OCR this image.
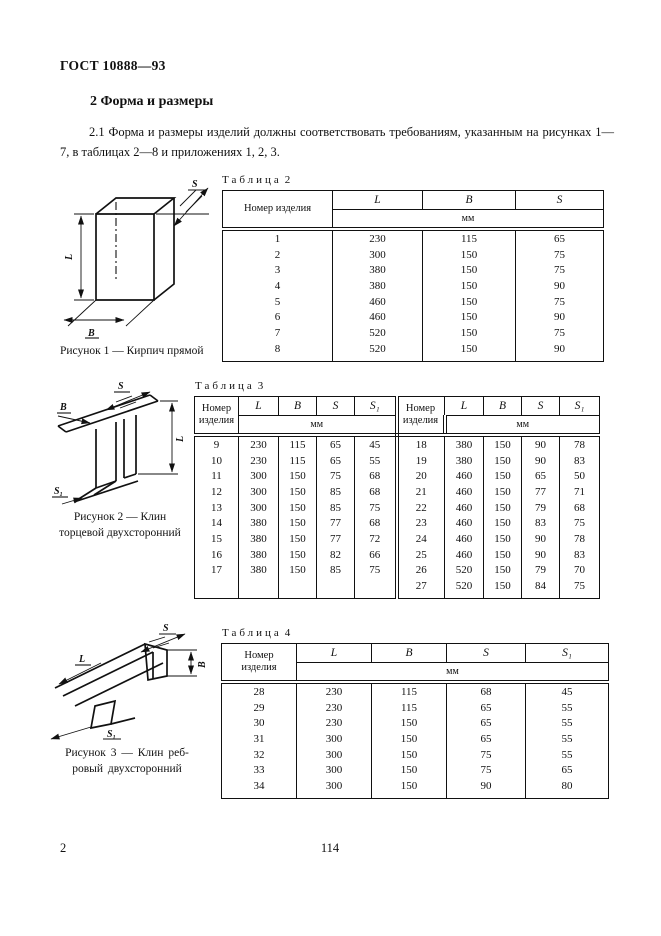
ГОСТ 10888—93
2 Форма и размеры

2.1 Форма и размеры изделий должны соответствовать требованиям, указанным на рисунках 1—7, в таблицах 2—8 и приложениях 1, 2, 3.

L
B
S
Рисунок 1 — Кирпич прямой
Таблица 2
Номер изделия	L	B	S
	мм		
1	230	115	65
2	300	150	75
3	380	150	75
4	380	150	90
5	460	150	75
6	460	150	90
7	520	150	75
8	520	150	90
S
B
L
S₁
Рисунок 2 — Клин
торцевой двухсторонний
Таблица 3
Номер
изделия	L	B	S	S₁	Номер
изделия	L	B	S	S₁
	мм					мм			
9	230	115	65	45	18	380	150	90	78
10	230	115	65	55	19	380	150	90	83
11	300	150	75	68	20	460	150	65	50
12	300	150	85	68	21	460	150	77	71
13	300	150	85	75	22	460	150	79	68
14	380	150	77	68	23	460	150	83	75
15	380	150	77	72	24	460	150	90	78
16	380	150	82	66	25	460	150	90	83
17	380	150	85	75	26	520	150	79	70
					27	520	150	84	75
L
S
B
S₁
Рисунок 3 — Клин реб-
ровый двухсторонний
Таблица 4
Номер
изделия	L	B	S	S₁
	мм			
28	230	115	68	45
29	230	115	65	55
30	230	150	65	55
31	300	150	65	55
32	300	150	75	55
33	300	150	75	65
34	300	150	90	80
2	114
